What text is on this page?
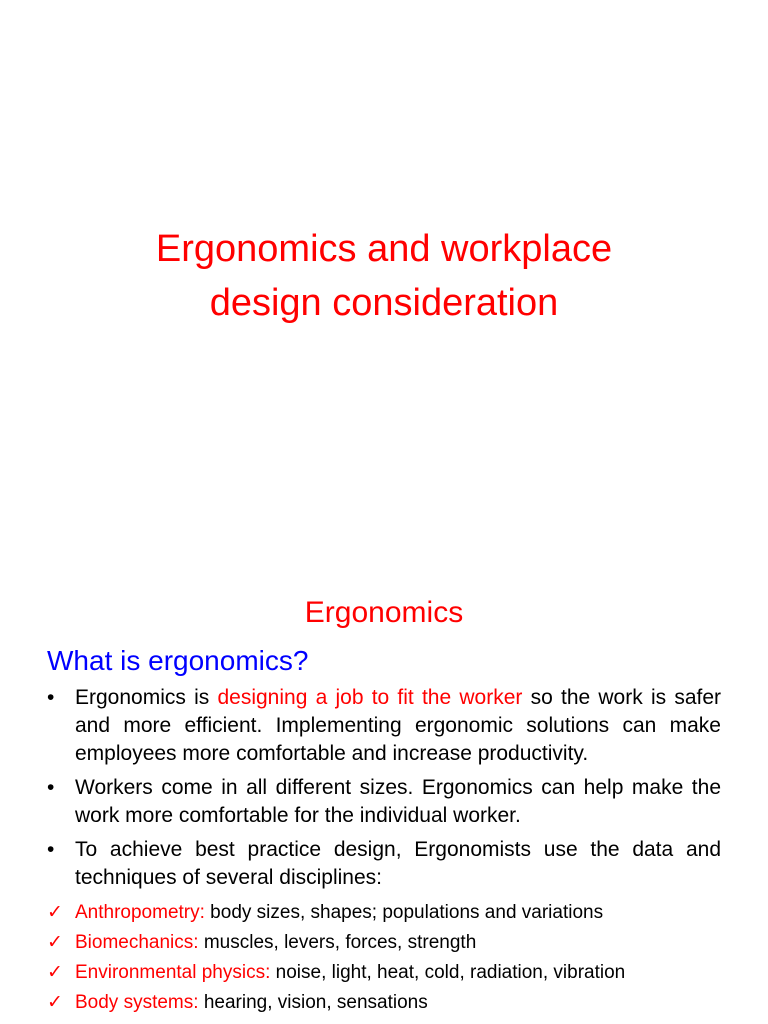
Ergonomics and workplace
design consideration
Ergonomics
What is ergonomics?
• Ergonomics is designing a job to fit the worker so the work is safer and more efficient. Implementing ergonomic solutions can make employees more comfortable and increase productivity.
• Workers come in all different sizes. Ergonomics can help make the work more comfortable for the individual worker.
• To achieve best practice design, Ergonomists use the data and techniques of several disciplines:
✓ Anthropometry: body sizes, shapes; populations and variations
✓ Biomechanics: muscles, levers, forces, strength
✓ Environmental physics: noise, light, heat, cold, radiation, vibration
✓ Body systems: hearing, vision, sensations
